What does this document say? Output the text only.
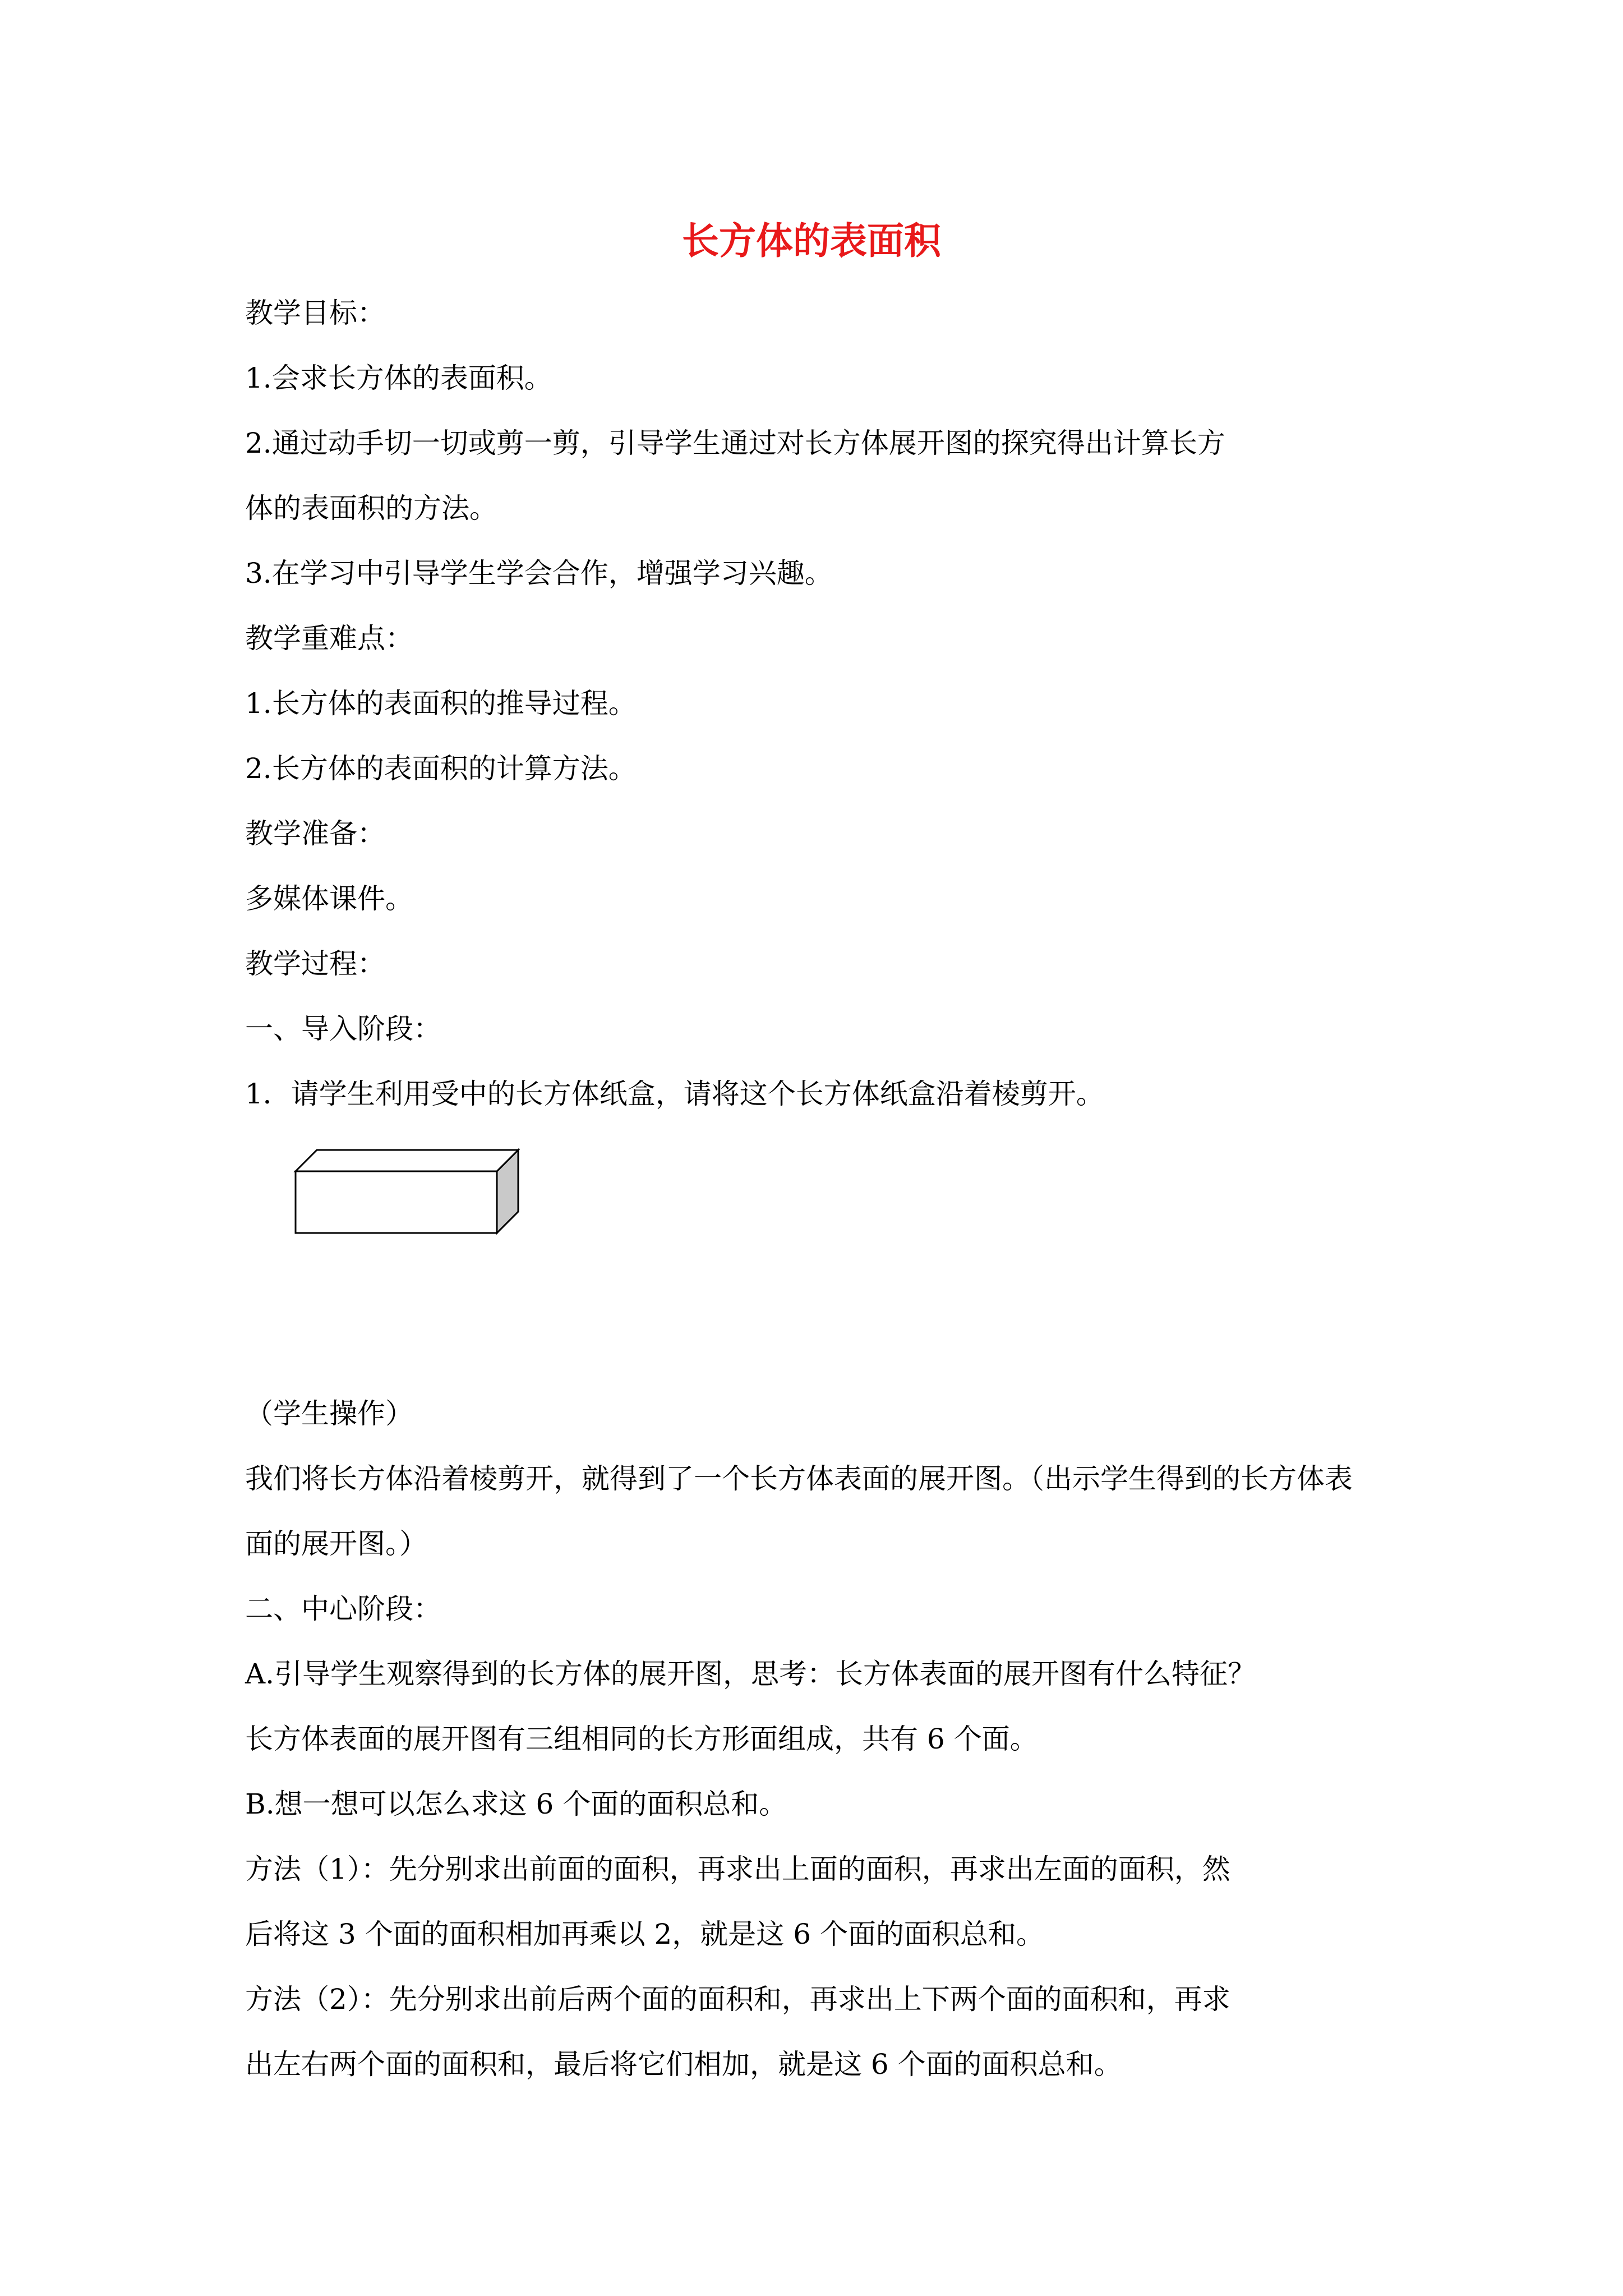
长方体的表面积
教学目标：
1.会求长方体的表面积。
2.通过动手切一切或剪一剪，引导学生通过对长方体展开图的探究得出计算长方
体的表面积的方法。
3.在学习中引导学生学会合作，增强学习兴趣。
教学重难点：
1.长方体的表面积的推导过程。
2.长方体的表面积的计算方法。
教学准备：
多媒体课件。
教学过程：
一、导入阶段：
1．请学生利用受中的长方体纸盒，请将这个长方体纸盒沿着棱剪开。
（学生操作）
我们将长方体沿着棱剪开，就得到了一个长方体表面的展开图。（出示学生得到的长方体表
面的展开图。）
二、中心阶段：
A.引导学生观察得到的长方体的展开图，思考：长方体表面的展开图有什么特征？
长方体表面的展开图有三组相同的长方形面组成，共有 6 个面。
B.想一想可以怎么求这 6 个面的面积总和。
方法（1）：先分别求出前面的面积，再求出上面的面积，再求出左面的面积，然
后将这 3 个面的面积相加再乘以 2，就是这 6 个面的面积总和。
方法（2）：先分别求出前后两个面的面积和，再求出上下两个面的面积和，再求
出左右两个面的面积和，最后将它们相加，就是这 6 个面的面积总和。
